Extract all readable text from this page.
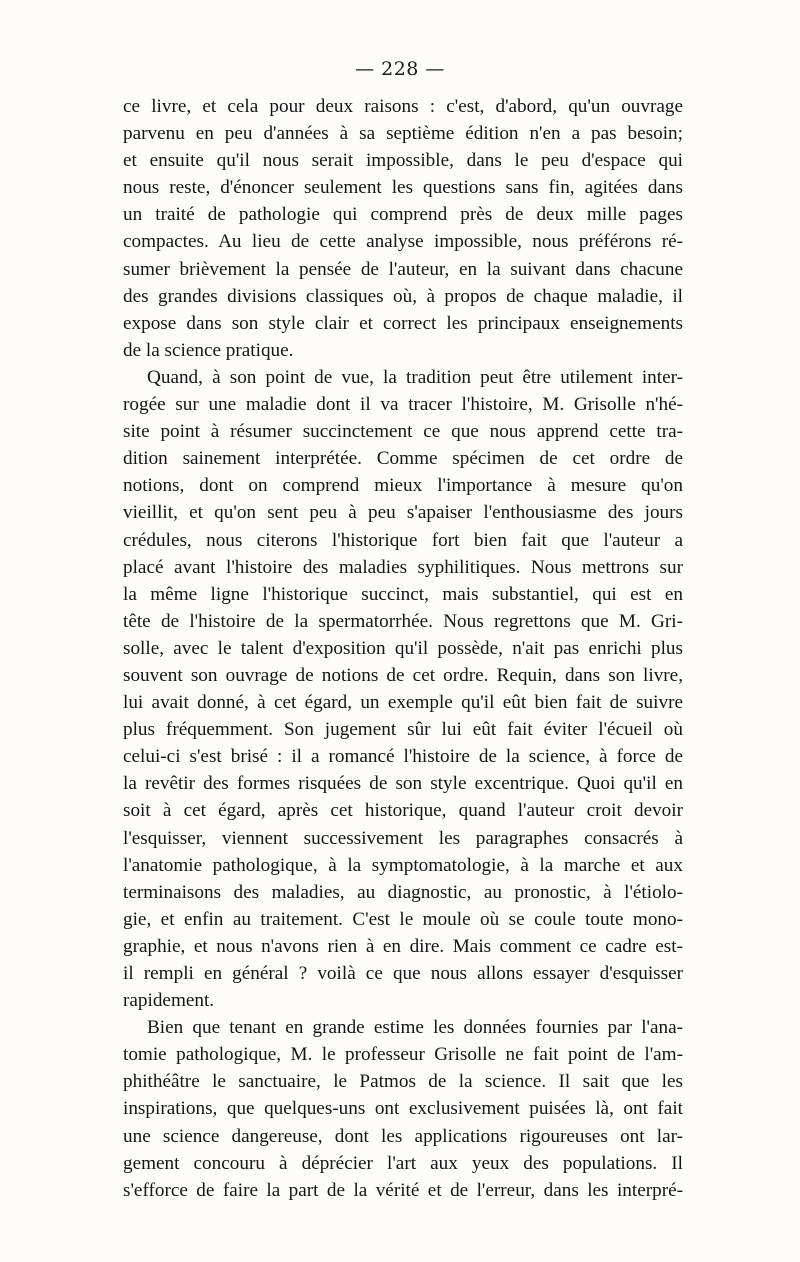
— 228 —
ce livre, et cela pour deux raisons : c'est, d'abord, qu'un ouvrage
parvenu en peu d'années à sa septième édition n'en a pas besoin;
et ensuite qu'il nous serait impossible, dans le peu d'espace qui
nous reste, d'énoncer seulement les questions sans fin, agitées dans
un traité de pathologie qui comprend près de deux mille pages
compactes. Au lieu de cette analyse impossible, nous préférons ré-
sumer brièvement la pensée de l'auteur, en la suivant dans chacune
des grandes divisions classiques où, à propos de chaque maladie, il
expose dans son style clair et correct les principaux enseignements
de la science pratique.
Quand, à son point de vue, la tradition peut être utilement inter-
rogée sur une maladie dont il va tracer l'histoire, M. Grisolle n'hé-
site point à résumer succinctement ce que nous apprend cette tra-
dition sainement interprétée. Comme spécimen de cet ordre de
notions, dont on comprend mieux l'importance à mesure qu'on
vieillit, et qu'on sent peu à peu s'apaiser l'enthousiasme des jours
crédules, nous citerons l'historique fort bien fait que l'auteur a
placé avant l'histoire des maladies syphilitiques. Nous mettrons sur
la même ligne l'historique succinct, mais substantiel, qui est en
tête de l'histoire de la spermatorrhée. Nous regrettons que M. Gri-
solle, avec le talent d'exposition qu'il possède, n'ait pas enrichi plus
souvent son ouvrage de notions de cet ordre. Requin, dans son livre,
lui avait donné, à cet égard, un exemple qu'il eût bien fait de suivre
plus fréquemment. Son jugement sûr lui eût fait éviter l'écueil où
celui-ci s'est brisé : il a romancé l'histoire de la science, à force de
la revêtir des formes risquées de son style excentrique. Quoi qu'il en
soit à cet égard, après cet historique, quand l'auteur croit devoir
l'esquisser, viennent successivement les paragraphes consacrés à
l'anatomie pathologique, à la symptomatologie, à la marche et aux
terminaisons des maladies, au diagnostic, au pronostic, à l'étiolo-
gie, et enfin au traitement. C'est le moule où se coule toute mono-
graphie, et nous n'avons rien à en dire. Mais comment ce cadre est-
il rempli en général ? voilà ce que nous allons essayer d'esquisser
rapidement.
Bien que tenant en grande estime les données fournies par l'ana-
tomie pathologique, M. le professeur Grisolle ne fait point de l'am-
phithéâtre le sanctuaire, le Patmos de la science. Il sait que les
inspirations, que quelques-uns ont exclusivement puisées là, ont fait
une science dangereuse, dont les applications rigoureuses ont lar-
gement concouru à déprécier l'art aux yeux des populations. Il
s'efforce de faire la part de la vérité et de l'erreur, dans les interpré-
